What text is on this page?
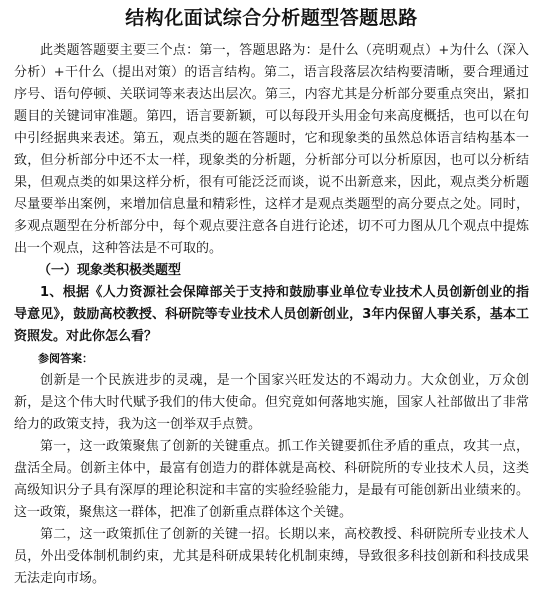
结构化面试综合分析题型答题思路

此类题答题要主要三个点：第一，答题思路为：是什么（亮明观点）+为什么（深入分析）+干什么（提出对策）的语言结构。第二，语言段落层次结构要清晰，要合理通过序号、语句停顿、关联词等来表达出层次。第三，内容尤其是分析部分要重点突出，紧扣题目的关键词审准题。第四，语言要新颖，可以每段开头用金句来高度概括，也可以在句中引经据典来表述。第五，观点类的题在答题时，它和现象类的虽然总体语言结构基本一致，但分析部分中还不太一样，现象类的分析题，分析部分可以分析原因，也可以分析结果，但观点类的如果这样分析，很有可能泛泛而谈，说不出新意来，因此，观点类分析题尽量要举出案例，来增加信息量和精彩性，这样才是观点类题型的高分要点之处。同时，多观点题型在分析部分中，每个观点要注意各自进行论述，切不可力图从几个观点中提炼出一个观点，这种答法是不可取的。

（一）现象类积极类题型

1、根据《人力资源社会保障部关于支持和鼓励事业单位专业技术人员创新创业的指导意见》，鼓励高校教授、科研院等专业技术人员创新创业，3年内保留人事关系，基本工资照发。对此你怎么看？

参阅答案：

创新是一个民族进步的灵魂，是一个国家兴旺发达的不竭动力。大众创业，万众创新，是这个伟大时代赋予我们的伟大使命。但究竟如何落地实施，国家人社部做出了非常给力的政策支持，我为这一创举双手点赞。

第一，这一政策聚焦了创新的关键重点。抓工作关键要抓住矛盾的重点，攻其一点，盘活全局。创新主体中，最富有创造力的群体就是高校、科研院所的专业技术人员，这类高级知识分子具有深厚的理论积淀和丰富的实验经验能力，是最有可能创新出业绩来的。这一政策，聚焦这一群体，把准了创新重点群体这个关键。

第二，这一政策抓住了创新的关键一招。长期以来，高校教授、科研院所专业技术人员，外出受体制机制约束，尤其是科研成果转化机制束缚，导致很多科技创新和科技成果无法走向市场。
